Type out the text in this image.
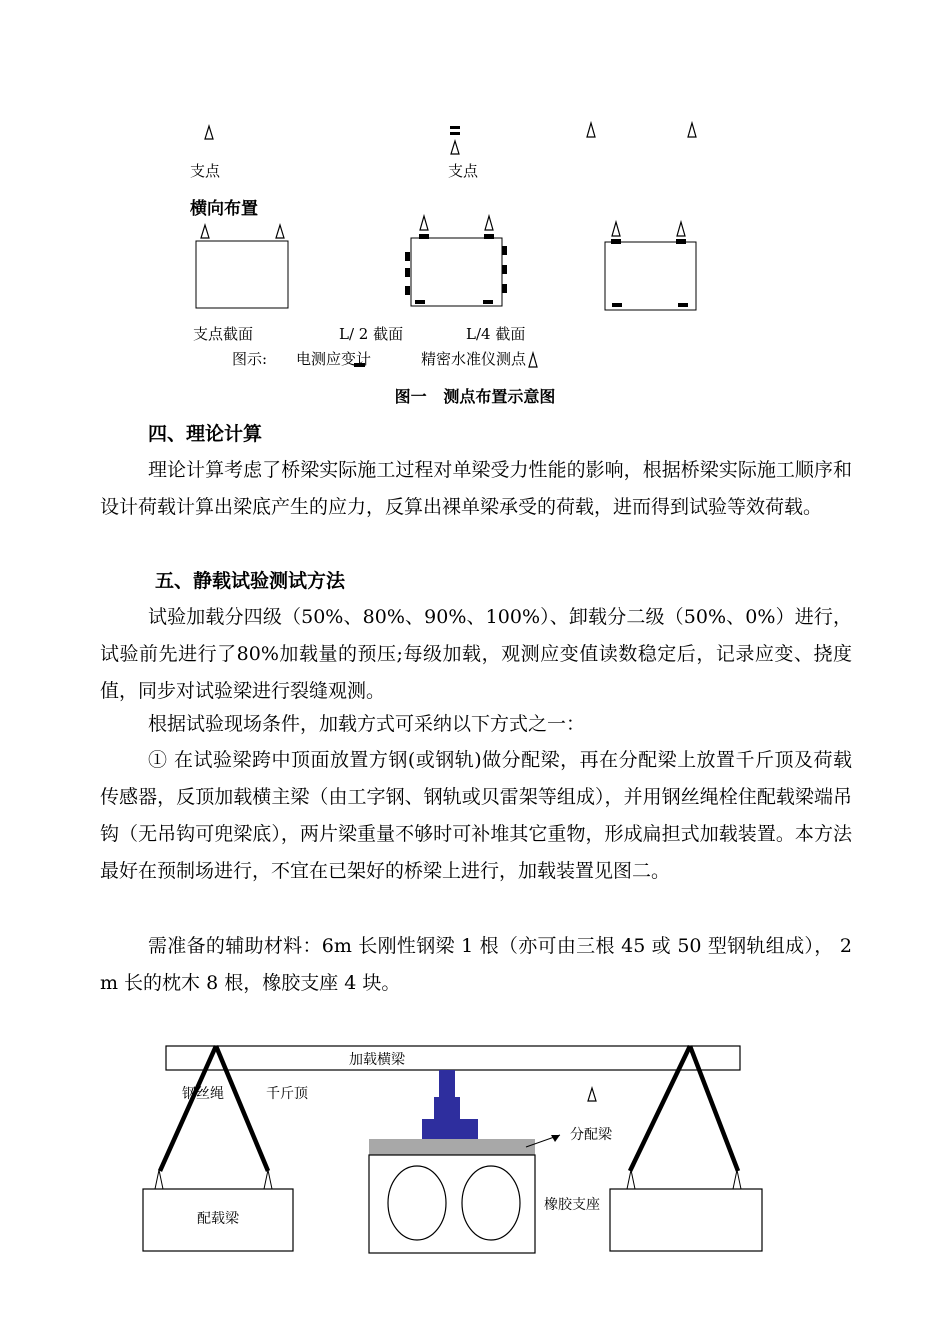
支点	支点
横向布置
支点截面	L/ 2 截面	L/4 截面
图示: 电测应变计	精密水准仪测点
图一   测点布置示意图
四、理论计算

理论计算考虑了桥梁实际施工过程对单梁受力性能的影响，根据桥梁实际施工顺序和设计荷载计算出梁底产生的应力，反算出裸单梁承受的荷载，进而得到试验等效荷载。

五、静载试验测试方法

试验加载分四级（50%、80%、90%、100%）、卸载分二级（50%、0%）进行，试验前先进行了80%加载量的预压;每级加载，观测应变值读数稳定后，记录应变、挠度值，同步对试验梁进行裂缝观测。

根据试验现场条件，加载方式可采纳以下方式之一：

① 在试验梁跨中顶面放置方钢(或钢轨)做分配梁，再在分配梁上放置千斤顶及荷载传感器，反顶加载横主梁（由工字钢、钢轨或贝雷架等组成），并用钢丝绳栓住配载梁端吊钩（无吊钩可兜梁底），两片梁重量不够时可补堆其它重物，形成扁担式加载装置。本方法最好在预制场进行，不宜在已架好的桥梁上进行，加载装置见图二。

需准备的辅助材料：6m 长刚性钢梁 1 根（亦可由三根 45 或 50 型钢轨组成）， 2 m 长的枕木 8 根，橡胶支座 4 块。

加载横梁
钢丝绳	千斤顶
分配梁
配载梁
橡胶支座
